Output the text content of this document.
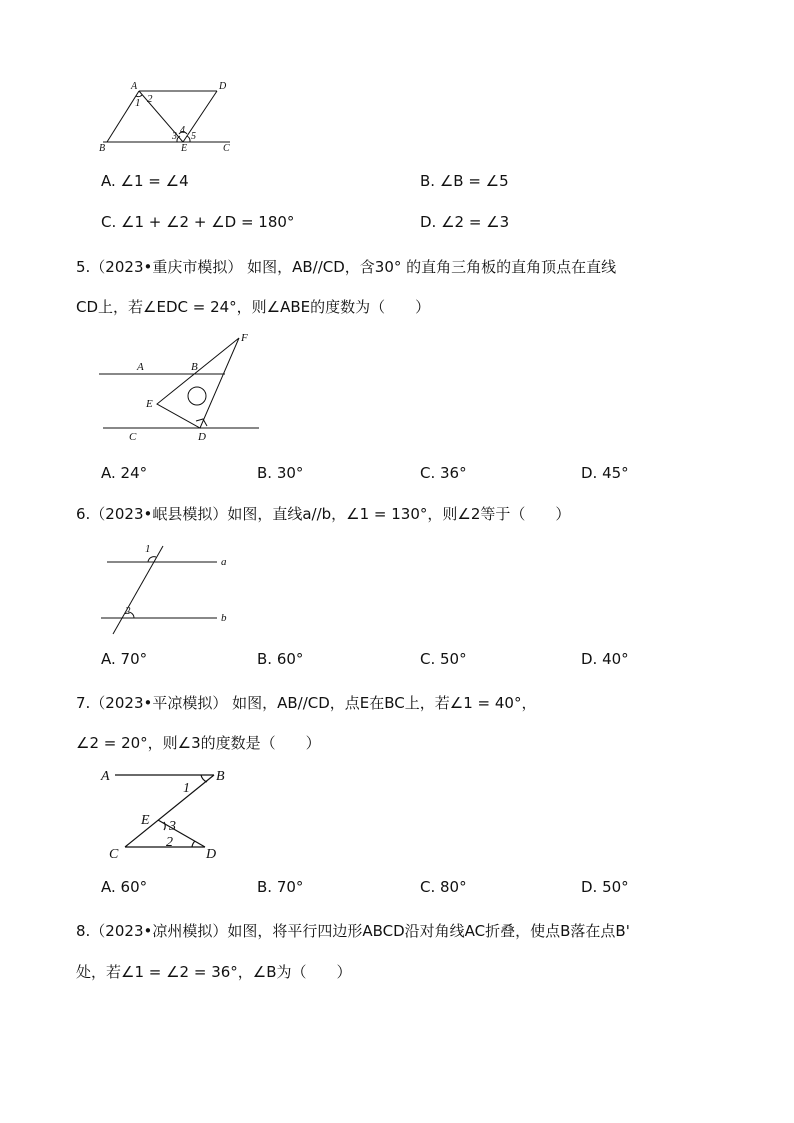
A	D
B	E	C
1 2
3
4
5
A. ∠1 = ∠4	B. ∠B = ∠5
C. ∠1 + ∠2 + ∠D = 180°	D. ∠2 = ∠3
5.（2023•重庆市模拟） 如图，AB//CD，含30° 的直角三角板的直角顶点在直线
CD上，若∠EDC = 24°，则∠ABE的度数为（　　）
A	B
F
E
C	D
A. 24°	B. 30°	C. 36°	D. 45°
6.（2023•岷县模拟）如图，直线a//b，∠1 = 130°，则∠2等于（　　）
1
2
a
b
A. 70°	B. 60°	C. 50°	D. 40°
7.（2023•平凉模拟） 如图，AB//CD，点E在BC上，若∠1 = 40°，
∠2 = 20°，则∠3的度数是（　　）
A	B
E
C	D
1
2
3
A. 60°	B. 70°	C. 80°	D. 50°
8.（2023•凉州模拟）如图，将平行四边形ABCD沿对角线AC折叠，使点B落在点B'
处，若∠1 = ∠2 = 36°，∠B为（　　）
